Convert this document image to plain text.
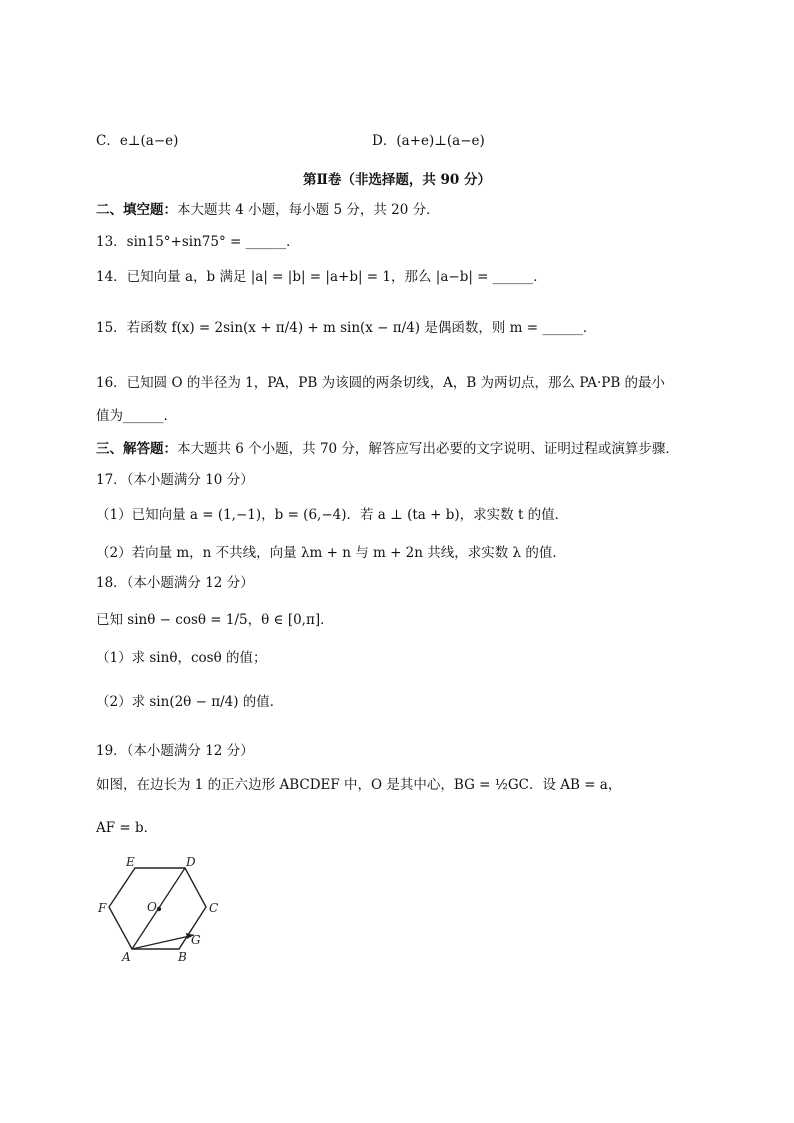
C．e⊥(a−e)	D．(a+e)⊥(a−e)
第Ⅱ卷（非选择题，共 90 分）
二、填空题：本大题共 4 小题，每小题 5 分，共 20 分．
13．sin15°+sin75° = ______．
14．已知向量 a，b 满足 |a| = |b| = |a+b| = 1，那么 |a−b| = ______．
15．若函数 f(x) = 2sin(x + π/4) + m sin(x − π/4) 是偶函数，则 m = ______．
16．已知圆 O 的半径为 1，PA，PB 为该圆的两条切线，A，B 为两切点，那么 PA·PB 的最小
值为______．
三、解答题：本大题共 6 个小题，共 70 分，解答应写出必要的文字说明、证明过程或演算步骤．
17．（本小题满分 10 分）
（1）已知向量 a = (1,−1)，b = (6,−4)．若 a ⊥ (ta + b)，求实数 t 的值．
（2）若向量 m，n 不共线，向量 λm + n 与 m + 2n 共线，求实数 λ 的值．
18．（本小题满分 12 分）
已知 sinθ − cosθ = 1/5，θ ∈ [0,π]．
（1）求 sinθ，cosθ 的值；
（2）求 sin(2θ − π/4) 的值．
19．（本小题满分 12 分）
如图，在边长为 1 的正六边形 ABCDEF 中，O 是其中心，BG = ½GC．设 AB = a，
AF = b．
E	D
F	O	C
G
A	B
